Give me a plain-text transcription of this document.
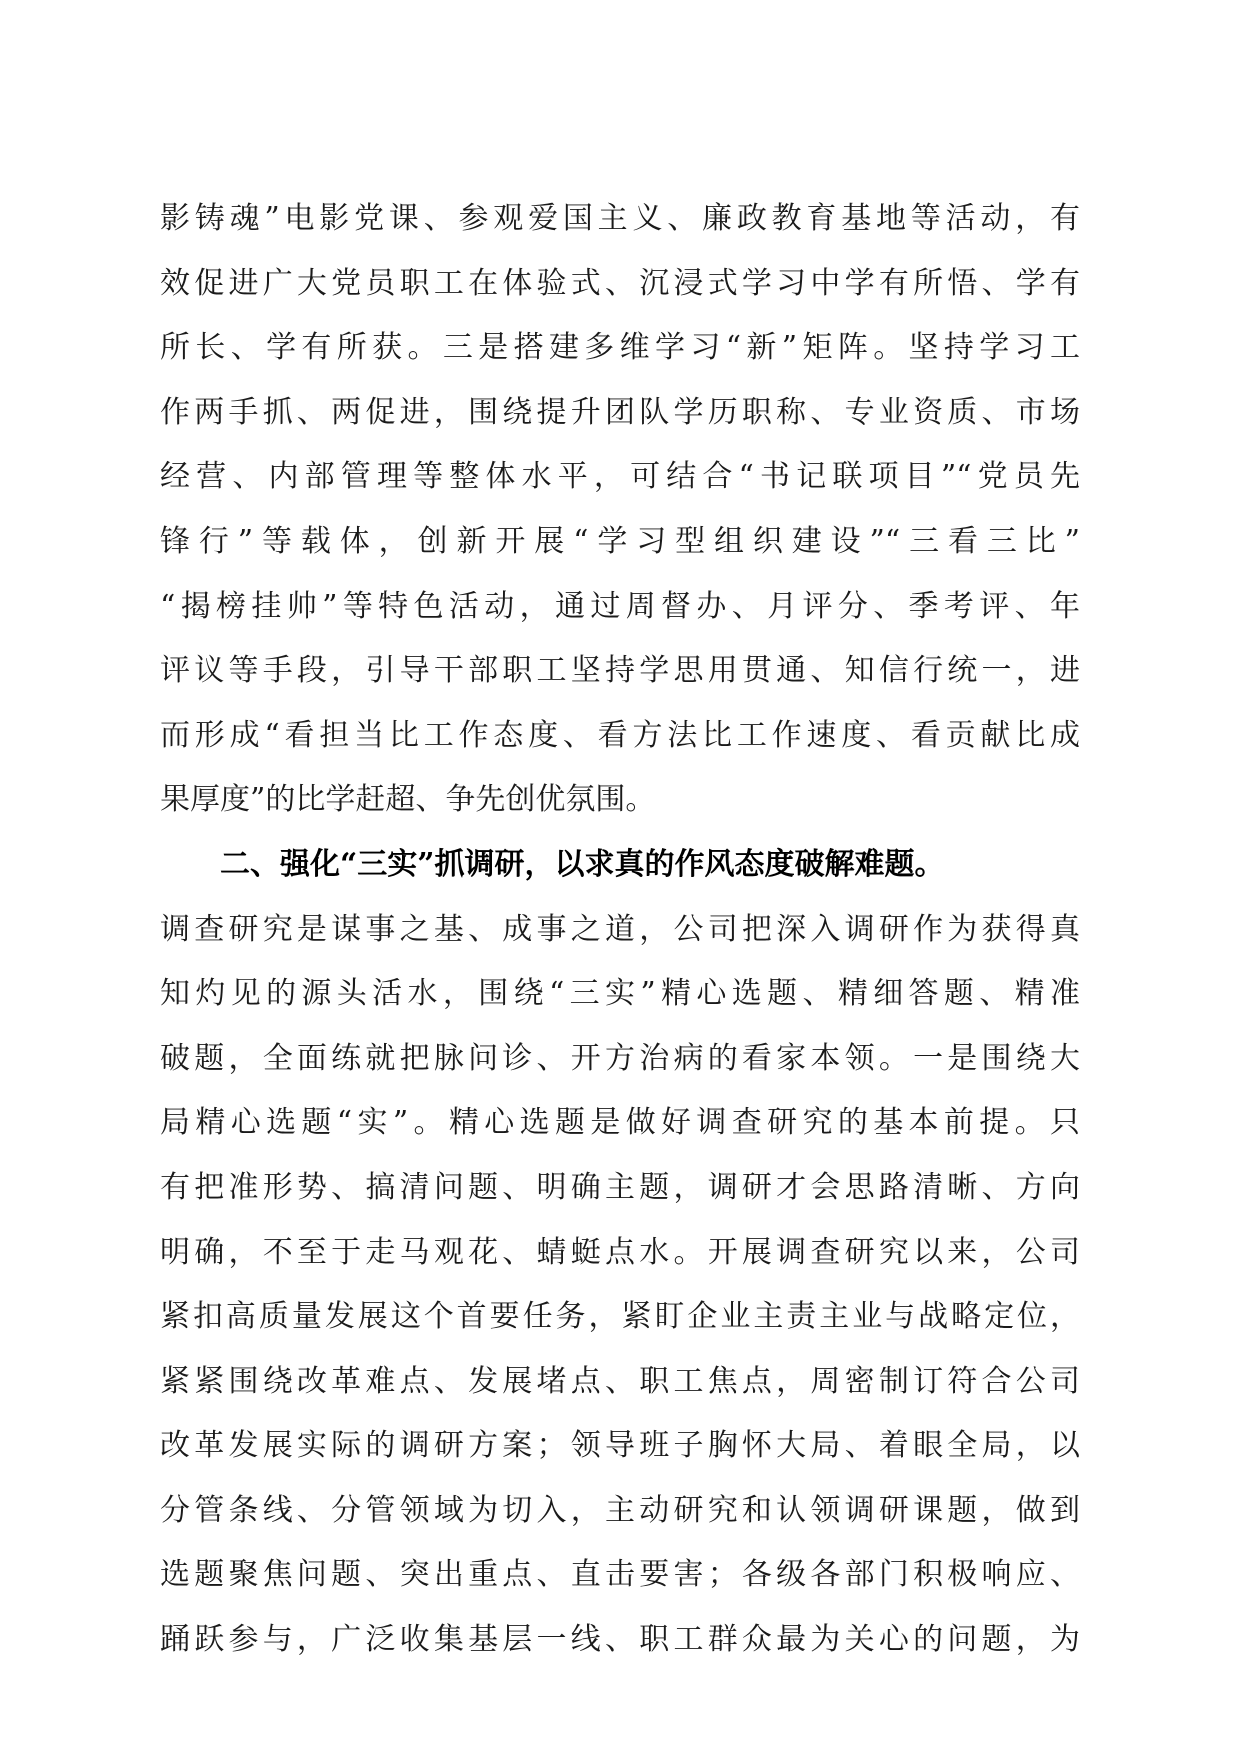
影铸魂”电影党课、参观爱国主义、廉政教育基地等活动，有
效促进广大党员职工在体验式、沉浸式学习中学有所悟、学有
所长、学有所获。三是搭建多维学习“新”矩阵。坚持学习工
作两手抓、两促进，围绕提升团队学历职称、专业资质、市场
经营、内部管理等整体水平，可结合“书记联项目”“党员先
锋行”等载体，创新开展“学习型组织建设”“三看三比”
“揭榜挂帅”等特色活动，通过周督办、月评分、季考评、年
评议等手段，引导干部职工坚持学思用贯通、知信行统一，进
而形成“看担当比工作态度、看方法比工作速度、看贡献比成
果厚度”的比学赶超、争先创优氛围。
二、强化“三实”抓调研，以求真的作风态度破解难题。
调查研究是谋事之基、成事之道，公司把深入调研作为获得真
知灼见的源头活水，围绕“三实”精心选题、精细答题、精准
破题，全面练就把脉问诊、开方治病的看家本领。一是围绕大
局精心选题“实”。精心选题是做好调查研究的基本前提。只
有把准形势、搞清问题、明确主题，调研才会思路清晰、方向
明确，不至于走马观花、蜻蜓点水。开展调查研究以来，公司
紧扣高质量发展这个首要任务，紧盯企业主责主业与战略定位，
紧紧围绕改革难点、发展堵点、职工焦点，周密制订符合公司
改革发展实际的调研方案；领导班子胸怀大局、着眼全局，以
分管条线、分管领域为切入，主动研究和认领调研课题，做到
选题聚焦问题、突出重点、直击要害；各级各部门积极响应、
踊跃参与，广泛收集基层一线、职工群众最为关心的问题，为
